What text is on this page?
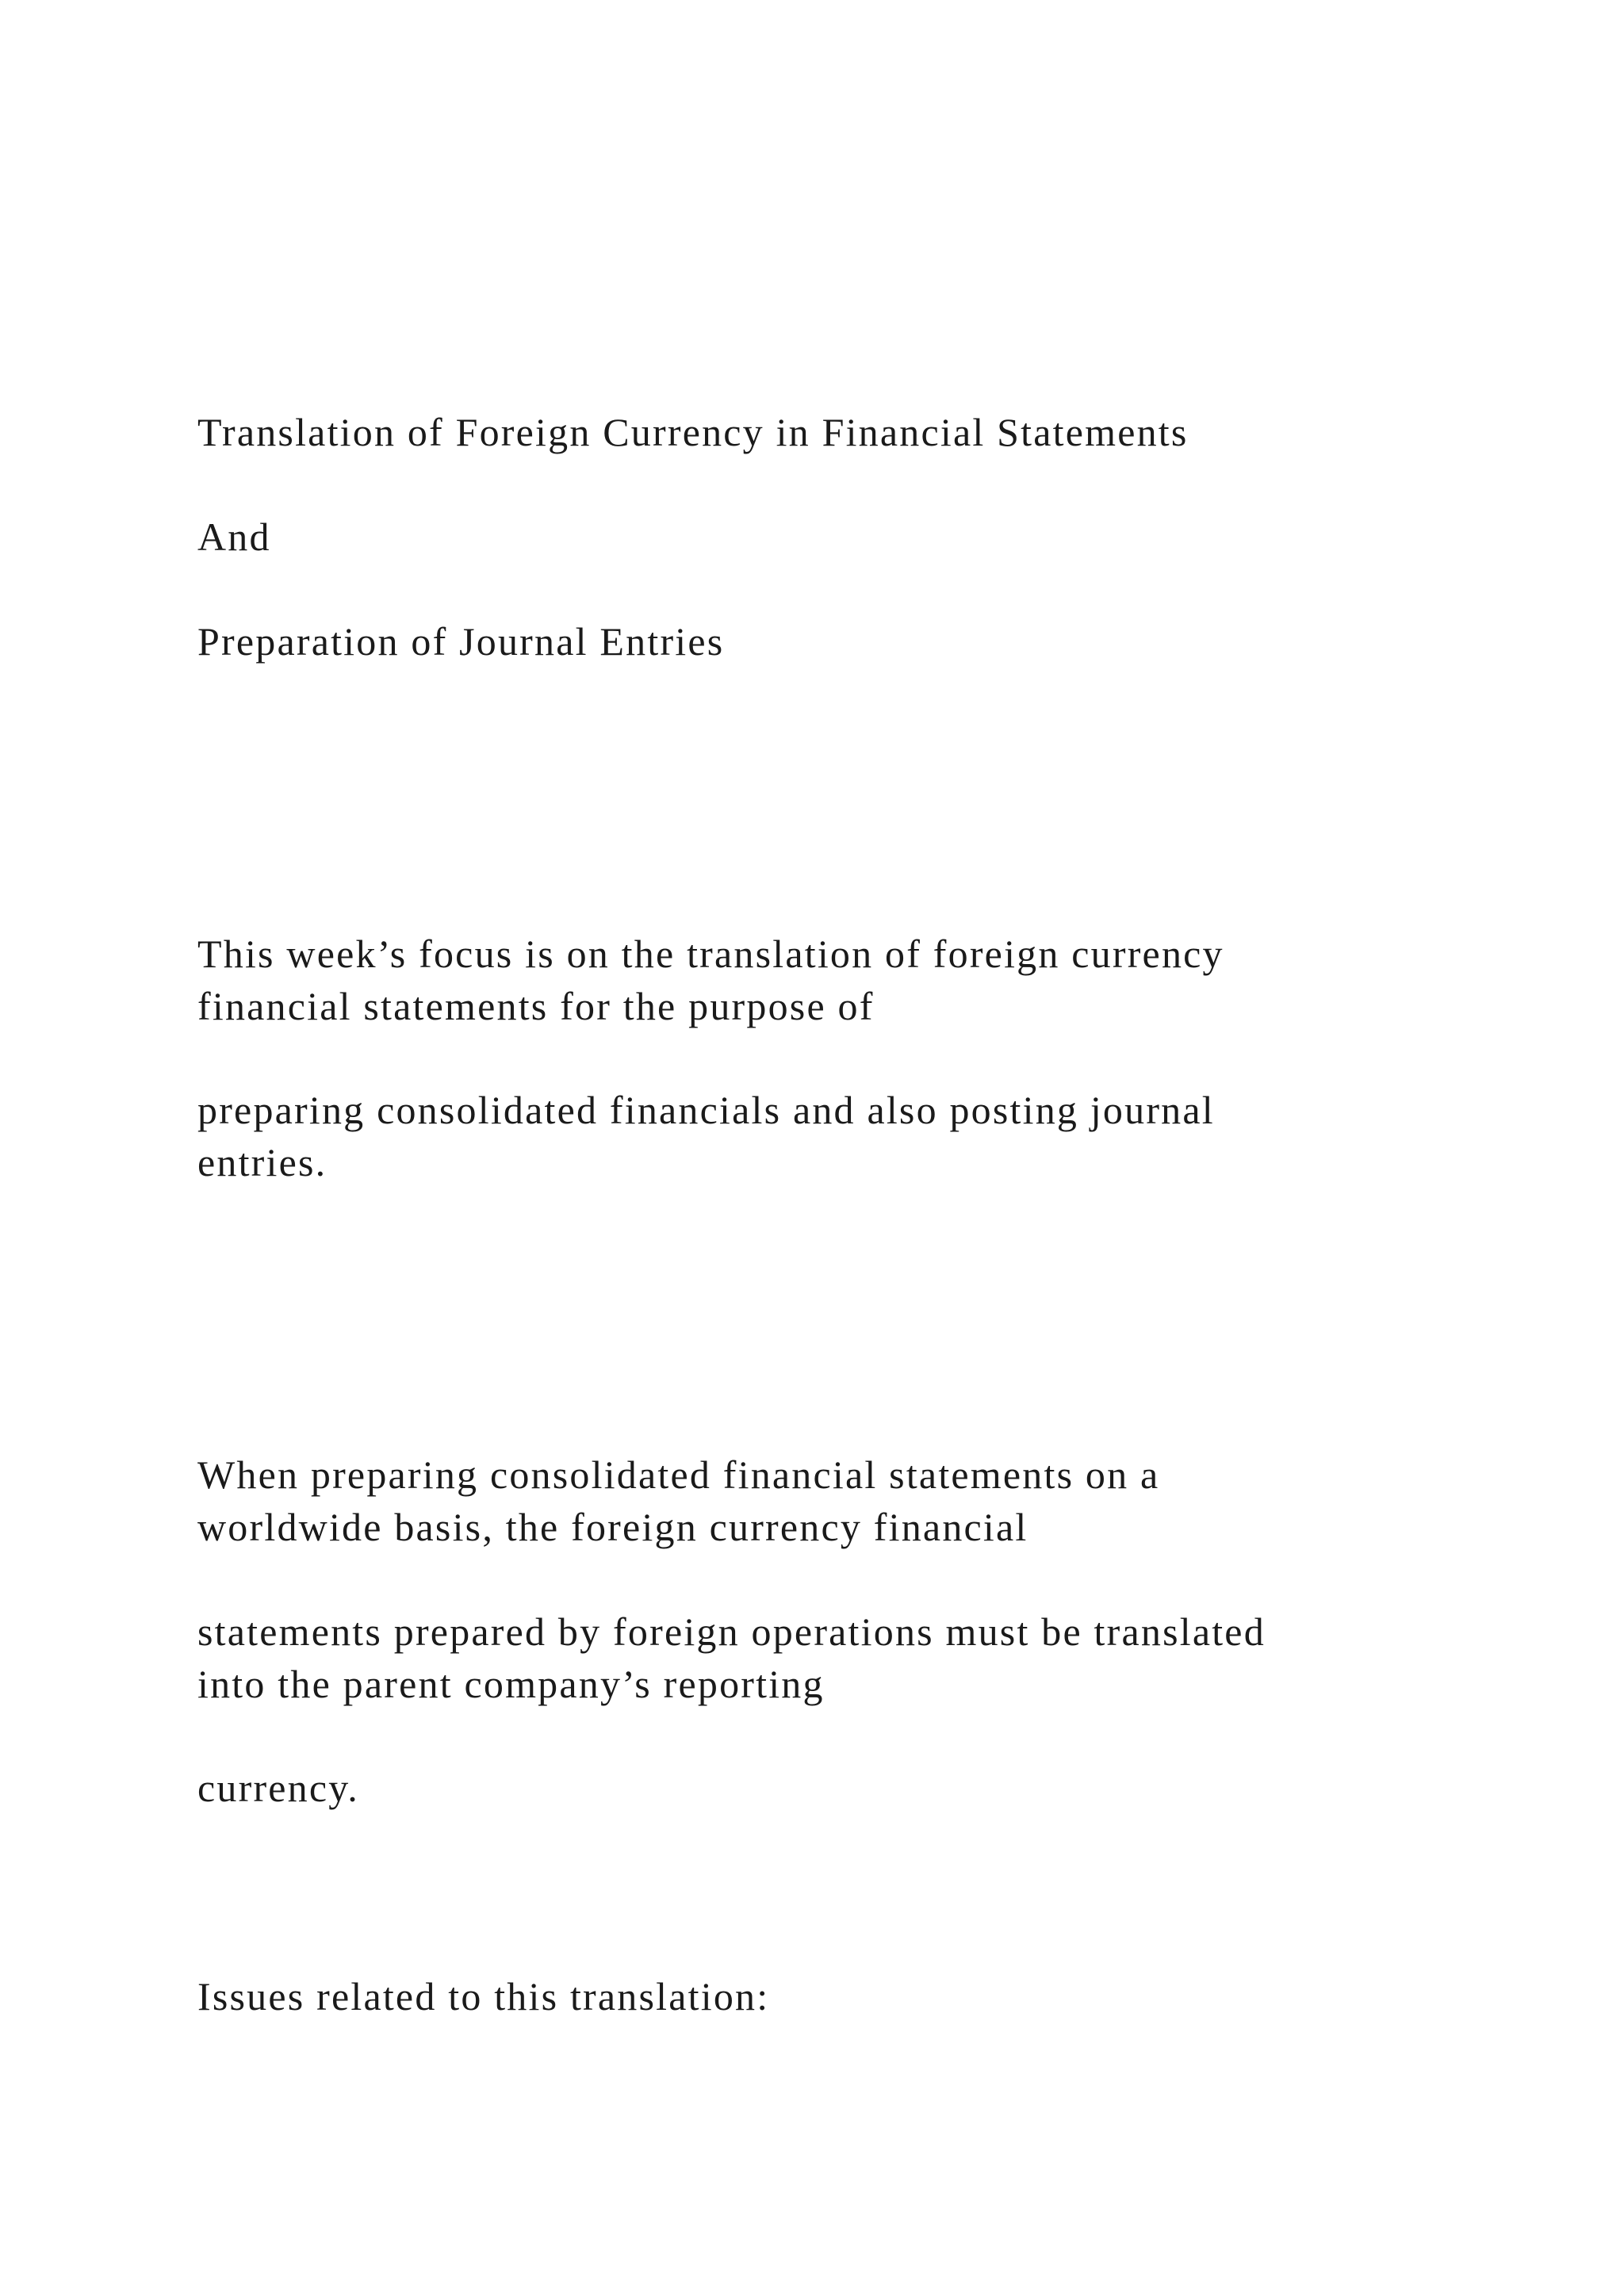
Translation of Foreign Currency in Financial Statements

And

Preparation of Journal Entries

This week’s focus is on the translation of foreign currency

financial statements for the purpose of

preparing consolidated financials and also posting journal

entries.

When preparing consolidated financial statements on a

worldwide basis, the foreign currency financial

statements prepared by foreign operations must be translated

into the parent company’s reporting

currency.

Issues related to this translation:
